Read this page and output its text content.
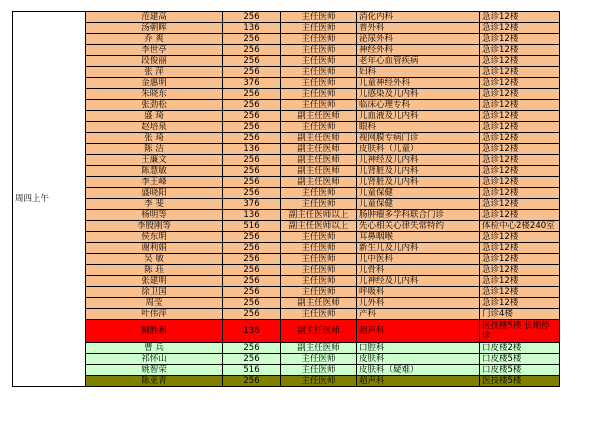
周四上午	范建高	256	主任医师	消化内科	急诊12楼
	汤朝晖	136	主任医师	普外科	急诊12楼
	乔 爽	256	主任医师	泌尿外科	急诊12楼
	李世亭	256	主任医师	神经外科	急诊12楼
	段俊丽	256	主任医师	老年心血管疾病	急诊12楼
	张 萍	256	主任医师	妇科	急诊12楼
	金惠明	376	主任医师	儿童神经外科	急诊12楼
	朱晓东	256	主任医师	儿感染及儿内科	急诊12楼
	张劲松	256	主任医师	临床心理专科	急诊12楼
	盛 琦	256	副主任医师	儿血液及儿内科	急诊12楼
	赵培泉	256	主任医师	眼科	急诊12楼
	张 琦	256	副主任医师	视网膜专病门诊	急诊12楼
	陈 洁	136	副主任医师	皮肤科（儿童）	急诊12楼
	王廉文	256	副主任医师	儿神经及儿内科	急诊12楼
	陈慧敏	256	副主任医师	儿肾脏及儿内科	急诊12楼
	李王峰	256	副主任医师	儿肾脏及儿内科	急诊12楼
	盛晓阳	256	主任医师	儿童保健	急诊12楼
	李 斐	376	主任医师	儿童保健	急诊12楼
	杨明等	136	副主任医师以上	肠肿瘤多学科联合门诊	急诊12楼
	李殷刚等	516	副主任医师以上	先心相关心律失常特约	体检中心2楼240室
	侯东明	256	主任医师	耳鼻咽喉	急诊12楼
	谢利娟	256	主任医师	新生儿及儿内科	急诊12楼
	吴 敏	256	主任医师	儿中医科	急诊12楼
	陈 珏	256	主任医师	儿骨科	急诊12楼
	张建明	256	主任医师	儿神经及儿内科	急诊12楼
	徐卫国	256	主任医师	呼吸科	急诊12楼
	周莹	256	副主任医师	儿外科	急诊12楼
	叶伟萍	256	主任医师	产科	门诊4楼
	顾胜利	136	副主任医师	超声科	医技楼5楼 长期停诊
	曹 兵	256	副主任医师	口腔科	口皮楼2楼
	祁怀山	256	主任医师	皮肤科	口皮楼5楼
	姚智荣	516	主任医师	皮肤科（疑难）	口皮楼5楼
	陈亚青	256	主任医师	超声科	医技楼5楼
